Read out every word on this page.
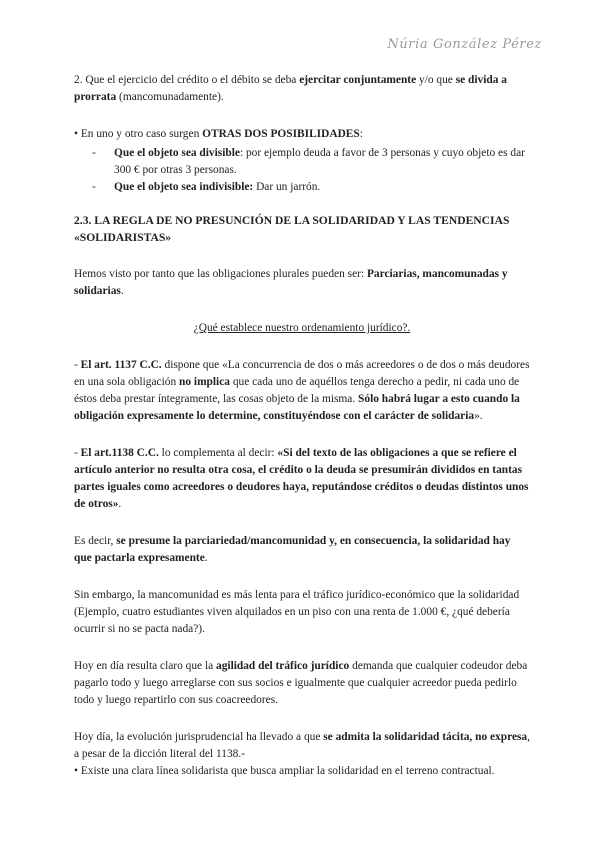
Núria González Pérez

2. Que el ejercicio del crédito o el débito se deba ejercitar conjuntamente y/o que se divida a prorrata (mancomunadamente).

• En uno y otro caso surgen OTRAS DOS POSIBILIDADES:

- Que el objeto sea divisible: por ejemplo deuda a favor de 3 personas y cuyo objeto es dar 300 € por otras 3 personas.
- Que el objeto sea indivisible: Dar un jarrón.

2.3. LA REGLA DE NO PRESUNCIÓN DE LA SOLIDARIDAD Y LAS TENDENCIAS «SOLIDARISTAS»

Hemos visto por tanto que las obligaciones plurales pueden ser: Parciarias, mancomunadas y solidarias.

¿Qué establece nuestro ordenamiento jurídico?.

- El art. 1137 C.C. dispone que «La concurrencia de dos o más acreedores o de dos o más deudores en una sola obligación no implica que cada uno de aquéllos tenga derecho a pedir, ni cada uno de éstos deba prestar íntegramente, las cosas objeto de la misma. Sólo habrá lugar a esto cuando la obligación expresamente lo determine, constituyéndose con el carácter de solidaria».

- El art.1138 C.C. lo complementa al decir: «Si del texto de las obligaciones a que se refiere el artículo anterior no resulta otra cosa, el crédito o la deuda se presumirán divididos en tantas partes iguales como acreedores o deudores haya, reputándose créditos o deudas distintos unos de otros».

Es decir, se presume la parciariedad/mancomunidad y, en consecuencia, la solidaridad hay que pactarla expresamente.

Sin embargo, la mancomunidad es más lenta para el tráfico jurídico-económico que la solidaridad (Ejemplo, cuatro estudiantes viven alquilados en un piso con una renta de 1.000 €, ¿qué debería ocurrir si no se pacta nada?).

Hoy en día resulta claro que la agilidad del tráfico jurídico demanda que cualquier codeudor deba pagarlo todo y luego arreglarse con sus socios e igualmente que cualquier acreedor pueda pedirlo todo y luego repartirlo con sus coacreedores.

Hoy día, la evolución jurisprudencial ha llevado a que se admita la solidaridad tácita, no expresa, a pesar de la dicción literal del 1138.-

• Existe una clara línea solidarista que busca ampliar la solidaridad en el terreno contractual.
